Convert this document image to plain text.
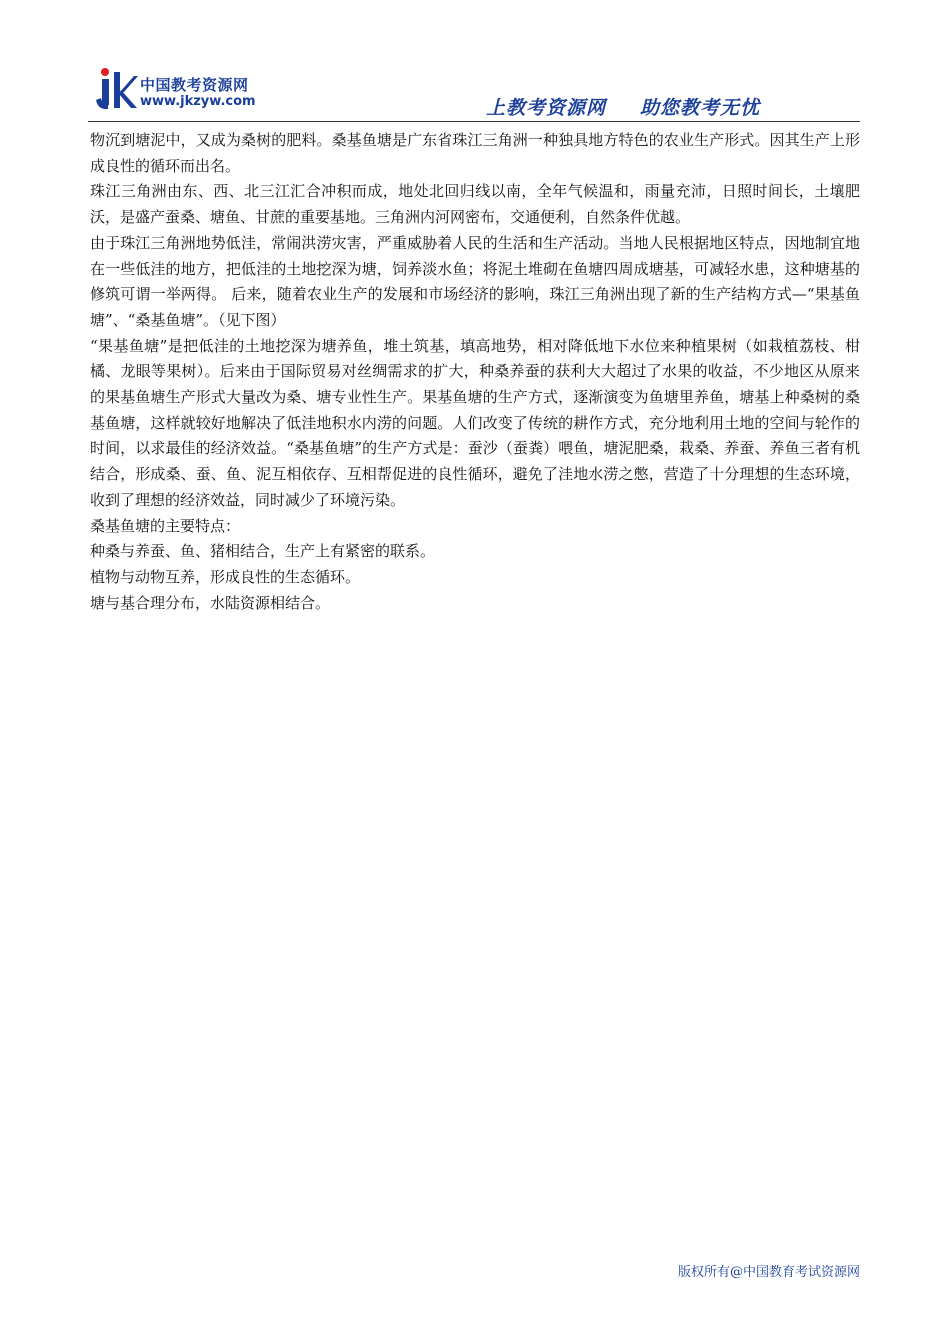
中国教考资源网
www.jkzyw.com	上教考资源网 助您教考无忧

物沉到塘泥中，又成为桑树的肥料。桑基鱼塘是广东省珠江三角洲一种独具地方特色的农业生产形式。因其生产上形成良性的循环而出名。

珠江三角洲由东、西、北三江汇合冲积而成，地处北回归线以南，全年气候温和，雨量充沛，日照时间长，土壤肥沃，是盛产蚕桑、塘鱼、甘蔗的重要基地。三角洲内河网密布，交通便利，自然条件优越。

由于珠江三角洲地势低洼，常闹洪涝灾害，严重威胁着人民的生活和生产活动。当地人民根据地区特点，因地制宜地在一些低洼的地方，把低洼的土地挖深为塘，饲养淡水鱼；将泥土堆砌在鱼塘四周成塘基，可减轻水患，这种塘基的修筑可谓一举两得。 后来，随着农业生产的发展和市场经济的影响，珠江三角洲出现了新的生产结构方式—“果基鱼塘”、“桑基鱼塘”。（见下图）

“果基鱼塘”是把低洼的土地挖深为塘养鱼，堆土筑基，填高地势，相对降低地下水位来种植果树（如栽植荔枝、柑橘、龙眼等果树）。后来由于国际贸易对丝绸需求的扩大，种桑养蚕的获利大大超过了水果的收益，不少地区从原来的果基鱼塘生产形式大量改为桑、塘专业性生产。果基鱼塘的生产方式，逐渐演变为鱼塘里养鱼，塘基上种桑树的桑基鱼塘，这样就较好地解决了低洼地积水内涝的问题。人们改变了传统的耕作方式，充分地利用土地的空间与轮作的时间，以求最佳的经济效益。“桑基鱼塘”的生产方式是：蚕沙（蚕粪）喂鱼，塘泥肥桑，栽桑、养蚕、养鱼三者有机结合，形成桑、蚕、鱼、泥互相依存、互相帮促进的良性循环，避免了洼地水涝之憋，营造了十分理想的生态环境，收到了理想的经济效益，同时减少了环境污染。

桑基鱼塘的主要特点：

种桑与养蚕、鱼、猪相结合，生产上有紧密的联系。

植物与动物互养，形成良性的生态循环。

塘与基合理分布，水陆资源相结合。

版权所有@中国教育考试资源网
